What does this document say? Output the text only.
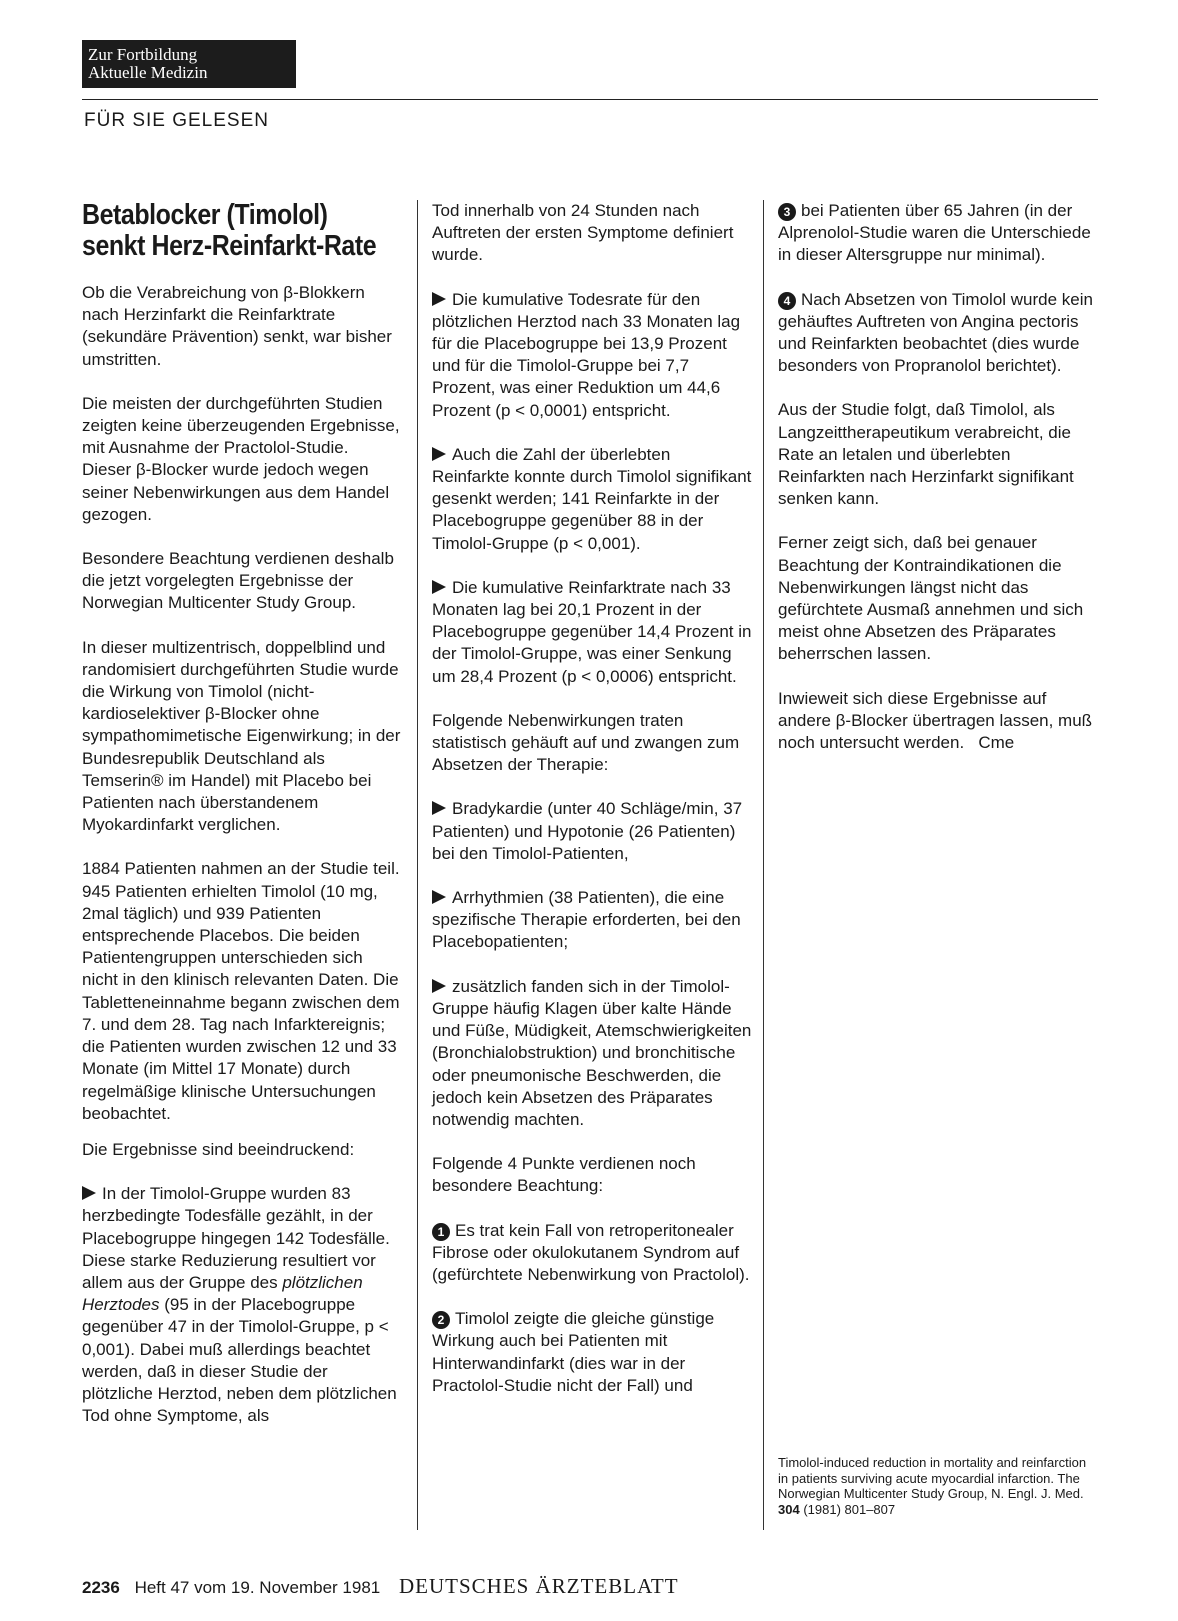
Zur Fortbildung
Aktuelle Medizin
FÜR SIE GELESEN
Betablocker (Timolol)
senkt Herz-Reinfarkt-Rate

Ob die Verabreichung von β-Blokkern nach Herzinfarkt die Reinfarktrate (sekundäre Prävention) senkt, war bisher umstritten.

Die meisten der durchgeführten Studien zeigten keine überzeugenden Ergebnisse, mit Ausnahme der Practolol-Studie. Dieser β-Blocker wurde jedoch wegen seiner Nebenwirkungen aus dem Handel gezogen.

Besondere Beachtung verdienen deshalb die jetzt vorgelegten Ergebnisse der Norwegian Multicenter Study Group.

In dieser multizentrisch, doppelblind und randomisiert durchgeführten Studie wurde die Wirkung von Timolol (nicht-kardioselektiver β-Blocker ohne sympathomimetische Eigenwirkung; in der Bundesrepublik Deutschland als Temserin® im Handel) mit Placebo bei Patienten nach überstandenem Myokardinfarkt verglichen.

1884 Patienten nahmen an der Studie teil. 945 Patienten erhielten Timolol (10 mg, 2mal täglich) und 939 Patienten entsprechende Placebos. Die beiden Patientengruppen unterschieden sich nicht in den klinisch relevanten Daten. Die Tabletteneinnahme begann zwischen dem 7. und dem 28. Tag nach Infarktereignis; die Patienten wurden zwischen 12 und 33 Monate (im Mittel 17 Monate) durch regelmäßige klinische Untersuchungen beobachtet.

Die Ergebnisse sind beeindruckend:

In der Timolol-Gruppe wurden 83 herzbedingte Todesfälle gezählt, in der Placebogruppe hingegen 142 Todesfälle. Diese starke Reduzierung resultiert vor allem aus der Gruppe des plötzlichen Herztodes (95 in der Placebogruppe gegenüber 47 in der Timolol-Gruppe, p < 0,001). Dabei muß allerdings beachtet werden, daß in dieser Studie der plötzliche Herztod, neben dem plötzlichen Tod ohne Symptome, als

Tod innerhalb von 24 Stunden nach Auftreten der ersten Symptome definiert wurde.

Die kumulative Todesrate für den plötzlichen Herztod nach 33 Monaten lag für die Placebogruppe bei 13,9 Prozent und für die Timolol-Gruppe bei 7,7 Prozent, was einer Reduktion um 44,6 Prozent (p < 0,0001) entspricht.

Auch die Zahl der überlebten Reinfarkte konnte durch Timolol signifikant gesenkt werden; 141 Reinfarkte in der Placebogruppe gegenüber 88 in der Timolol-Gruppe (p < 0,001).

Die kumulative Reinfarktrate nach 33 Monaten lag bei 20,1 Prozent in der Placebogruppe gegenüber 14,4 Prozent in der Timolol-Gruppe, was einer Senkung um 28,4 Prozent (p < 0,0006) entspricht.

Folgende Nebenwirkungen traten statistisch gehäuft auf und zwangen zum Absetzen der Therapie:

Bradykardie (unter 40 Schläge/min, 37 Patienten) und Hypotonie (26 Patienten) bei den Timolol-Patienten,

Arrhythmien (38 Patienten), die eine spezifische Therapie erforderten, bei den Placebopatienten;

zusätzlich fanden sich in der Timolol-Gruppe häufig Klagen über kalte Hände und Füße, Müdigkeit, Atemschwierigkeiten (Bronchialobstruktion) und bronchitische oder pneumonische Beschwerden, die jedoch kein Absetzen des Präparates notwendig machten.

Folgende 4 Punkte verdienen noch besondere Beachtung:

1 Es trat kein Fall von retroperitonealer Fibrose oder okulokutanem Syndrom auf (gefürchtete Nebenwirkung von Practolol).

2 Timolol zeigte die gleiche günstige Wirkung auch bei Patienten mit Hinterwandinfarkt (dies war in der Practolol-Studie nicht der Fall) und

3 bei Patienten über 65 Jahren (in der Alprenolol-Studie waren die Unterschiede in dieser Altersgruppe nur minimal).

4 Nach Absetzen von Timolol wurde kein gehäuftes Auftreten von Angina pectoris und Reinfarkten beobachtet (dies wurde besonders von Propranolol berichtet).

Aus der Studie folgt, daß Timolol, als Langzeittherapeutikum verabreicht, die Rate an letalen und überlebten Reinfarkten nach Herzinfarkt signifikant senken kann.

Ferner zeigt sich, daß bei genauer Beachtung der Kontraindikationen die Nebenwirkungen längst nicht das gefürchtete Ausmaß annehmen und sich meist ohne Absetzen des Präparates beherrschen lassen.

Inwieweit sich diese Ergebnisse auf andere β-Blocker übertragen lassen, muß noch untersucht werden. Cme

Timolol-induced reduction in mortality and reinfarction in patients surviving acute myocardial infarction. The Norwegian Multicenter Study Group, N. Engl. J. Med. 304 (1981) 801–807
2236 Heft 47 vom 19. November 1981 DEUTSCHES ÄRZTEBLATT
